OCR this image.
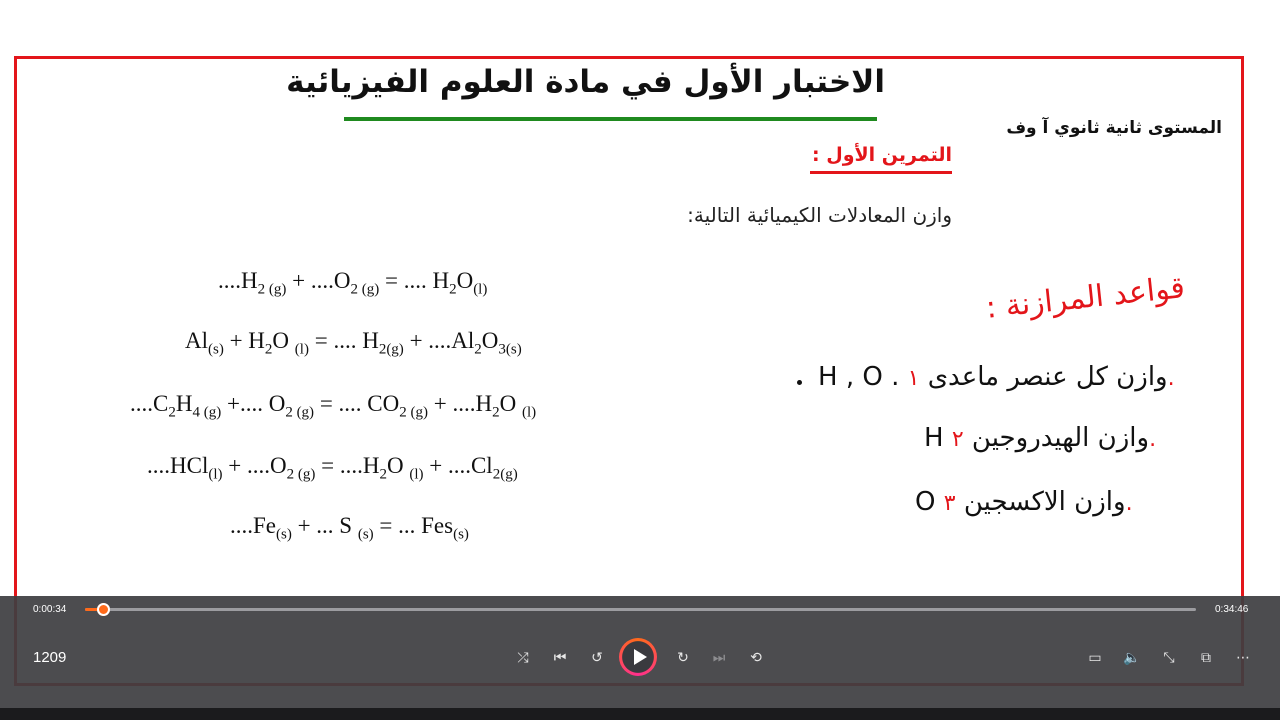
الاختبار الأول في مادة العلوم الفيزيائية
المستوى ثانية ثانوي آ وف
التمرين الأول :
وازن المعادلات الكيميائية التالية:
$....H_{2 (g)} + ....O_{2 (g)}$ = .... $H_2O_{(l)}$
$Al_{(s)} + H_2O$ $_{(l)}$ = .... $H_{2(g)} + ....Al_2O_{3(s)}$
$....C_2H_{4 (g)}$ +.... $O_{2 (g)}$ = .... $CO_{2 (g)} + ....H_2O$ $_{(l)}$
$....HCl_{(l)} + ....O_{2 (g)} = ....H_2O$ $_{(l)} + ....Cl_{2(g)}$
$....Fe_{(s)}$ + ... S $_{(s)}$ = ... Fes$_{(s)}$
قواعد المرازنة :
H , O . وازن كل عنصر ماعدى ١.
H وازن الهيدروجين ٢.
O وازن الاكسجين ٣.
0:00:34	0:34:46
1209	⤮	⏮ ↺	↻ ⏭ ⟲	▭ 🔈	⤡	⧉	⋯
